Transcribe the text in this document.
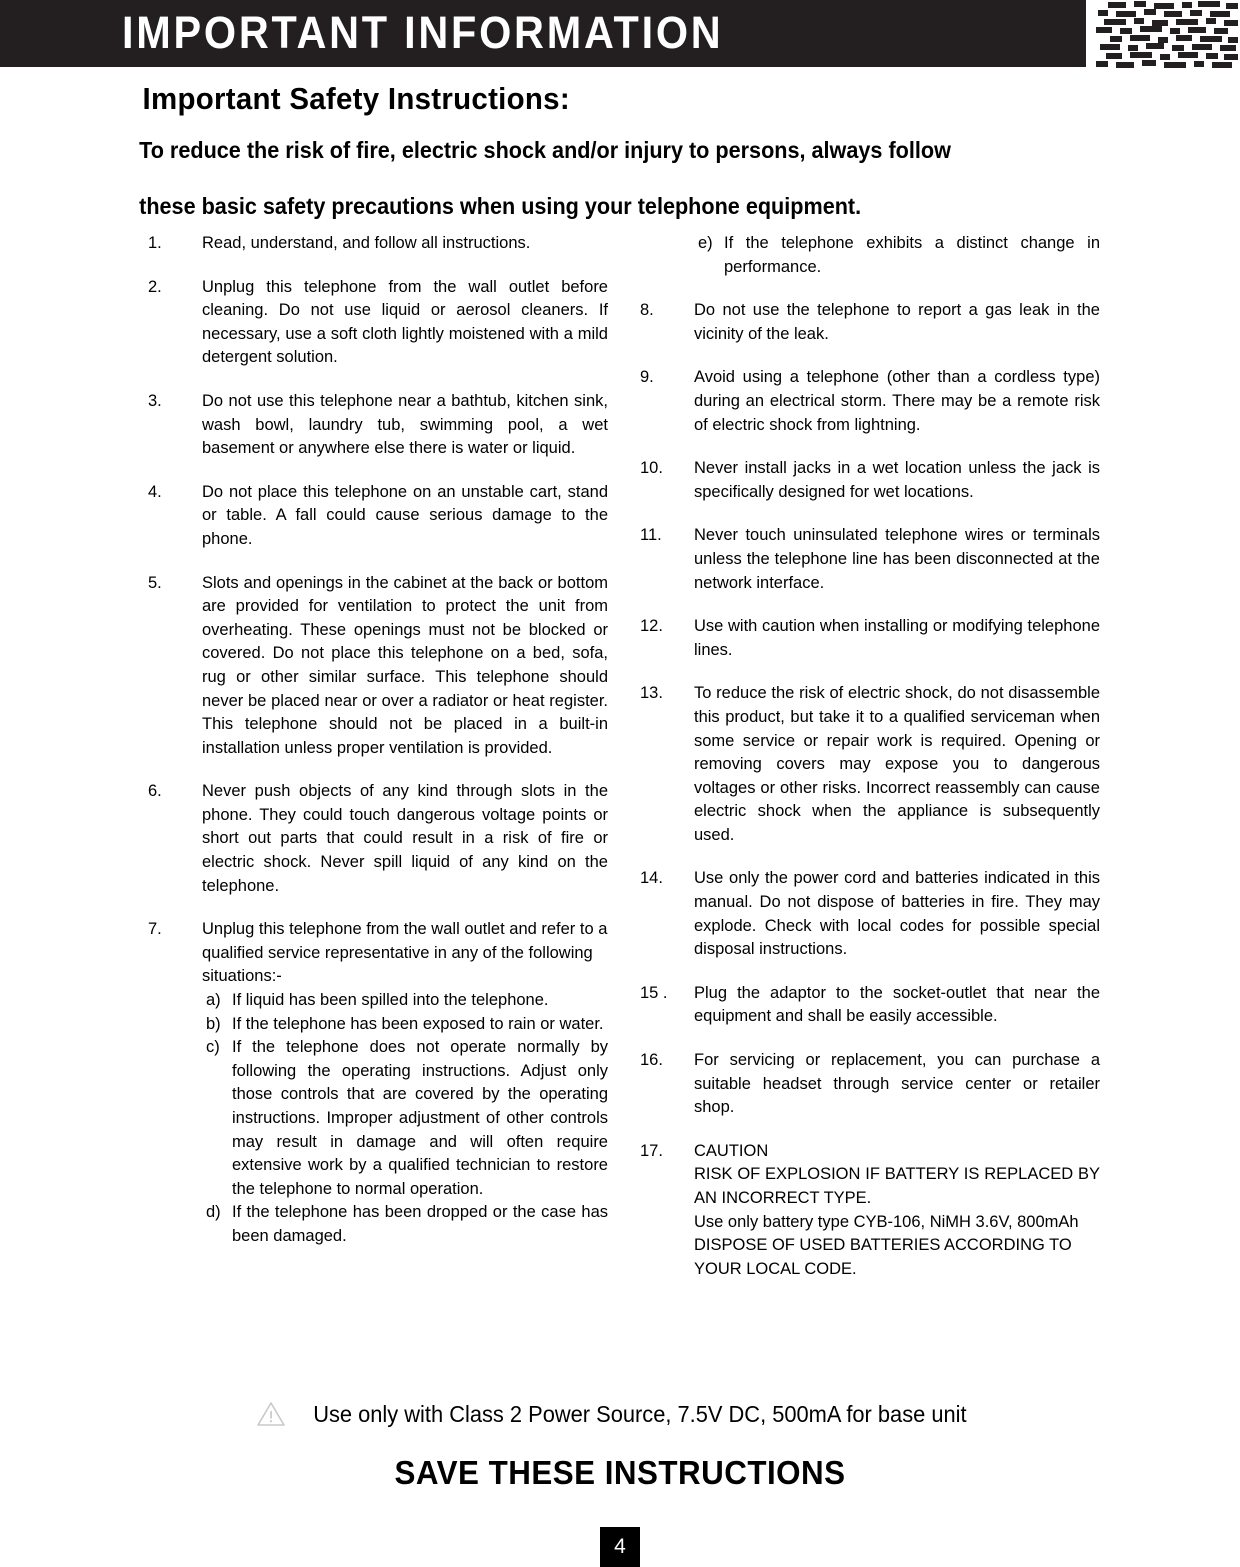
IMPORTANT INFORMATION
Important Safety Instructions:
To reduce the risk of fire, electric shock and/or injury to persons, always follow
these basic safety precautions when using your telephone equipment.
1.	Read, understand, and follow all instructions.

2.	Unplug this telephone from the wall outlet before cleaning. Do not use liquid or aerosol cleaners. If necessary, use a soft cloth lightly moistened with a mild detergent solution.

3.	Do not use this telephone near a bathtub, kitchen sink, wash bowl, laundry tub, swimming pool, a wet basement or anywhere else there is water or liquid.

4.	Do not place this telephone on an unstable cart, stand or table. A fall could cause serious damage to the phone.

5.	Slots and openings in the cabinet at the back or bottom are provided for ventilation to protect the unit from overheating. These openings must not be blocked or covered. Do not place this telephone on a bed, sofa, rug or other similar surface. This telephone should never be placed near or over a radiator or heat register. This telephone should not be placed in a built-in installation unless proper ventilation is provided.

6.	Never push objects of any kind through slots in the phone. They could touch dangerous voltage points or short out parts that could result in a risk of fire or electric shock. Never spill liquid of any kind on the telephone.

7.	Unplug this telephone from the wall outlet and refer to a qualified service representative in any of the following situations:-

a) If liquid has been spilled into the telephone.
b) If the telephone has been exposed to rain or water.
c) If the telephone does not operate normally by following the operating instructions. Adjust only those controls that are covered by the operating instructions. Improper adjustment of other controls may result in damage and will often require extensive work by a qualified technician to restore the telephone to normal operation.
d) If the telephone has been dropped or the case has been damaged.
e) If the telephone exhibits a distinct change in performance.
8.	Do not use the telephone to report a gas leak in the vicinity of the leak.

9.	Avoid using a telephone (other than a cordless type) during an electrical storm. There may be a remote risk of electric shock from lightning.

10.	Never install jacks in a wet location unless the jack is specifically designed for wet locations.

11.	Never touch uninsulated telephone wires or terminals unless the telephone line has been disconnected at the network interface.

12.	Use with caution when installing or modifying telephone lines.

13.	To reduce the risk of electric shock, do not disassemble this product, but take it to a qualified serviceman when some service or repair work is required. Opening or removing covers may expose you to dangerous voltages or other risks. Incorrect reassembly can cause electric shock when the appliance is subsequently used.

14.	Use only the power cord and batteries indicated in this manual. Do not dispose of batteries in fire. They may explode. Check with local codes for possible special disposal instructions.

15 .	Plug the adaptor to the socket-outlet that near the equipment and shall be easily accessible.

16.	For servicing or replacement, you can purchase a suitable headset through service center or retailer shop.

17.	CAUTION

RISK OF EXPLOSION IF BATTERY IS REPLACED BY AN INCORRECT TYPE.

Use only battery type CYB-106, NiMH 3.6V, 800mAh

DISPOSE OF USED BATTERIES ACCORDING TO YOUR LOCAL CODE.

Use only with Class 2 Power Source, 7.5V DC, 500mA for base unit
SAVE THESE INSTRUCTIONS
4
